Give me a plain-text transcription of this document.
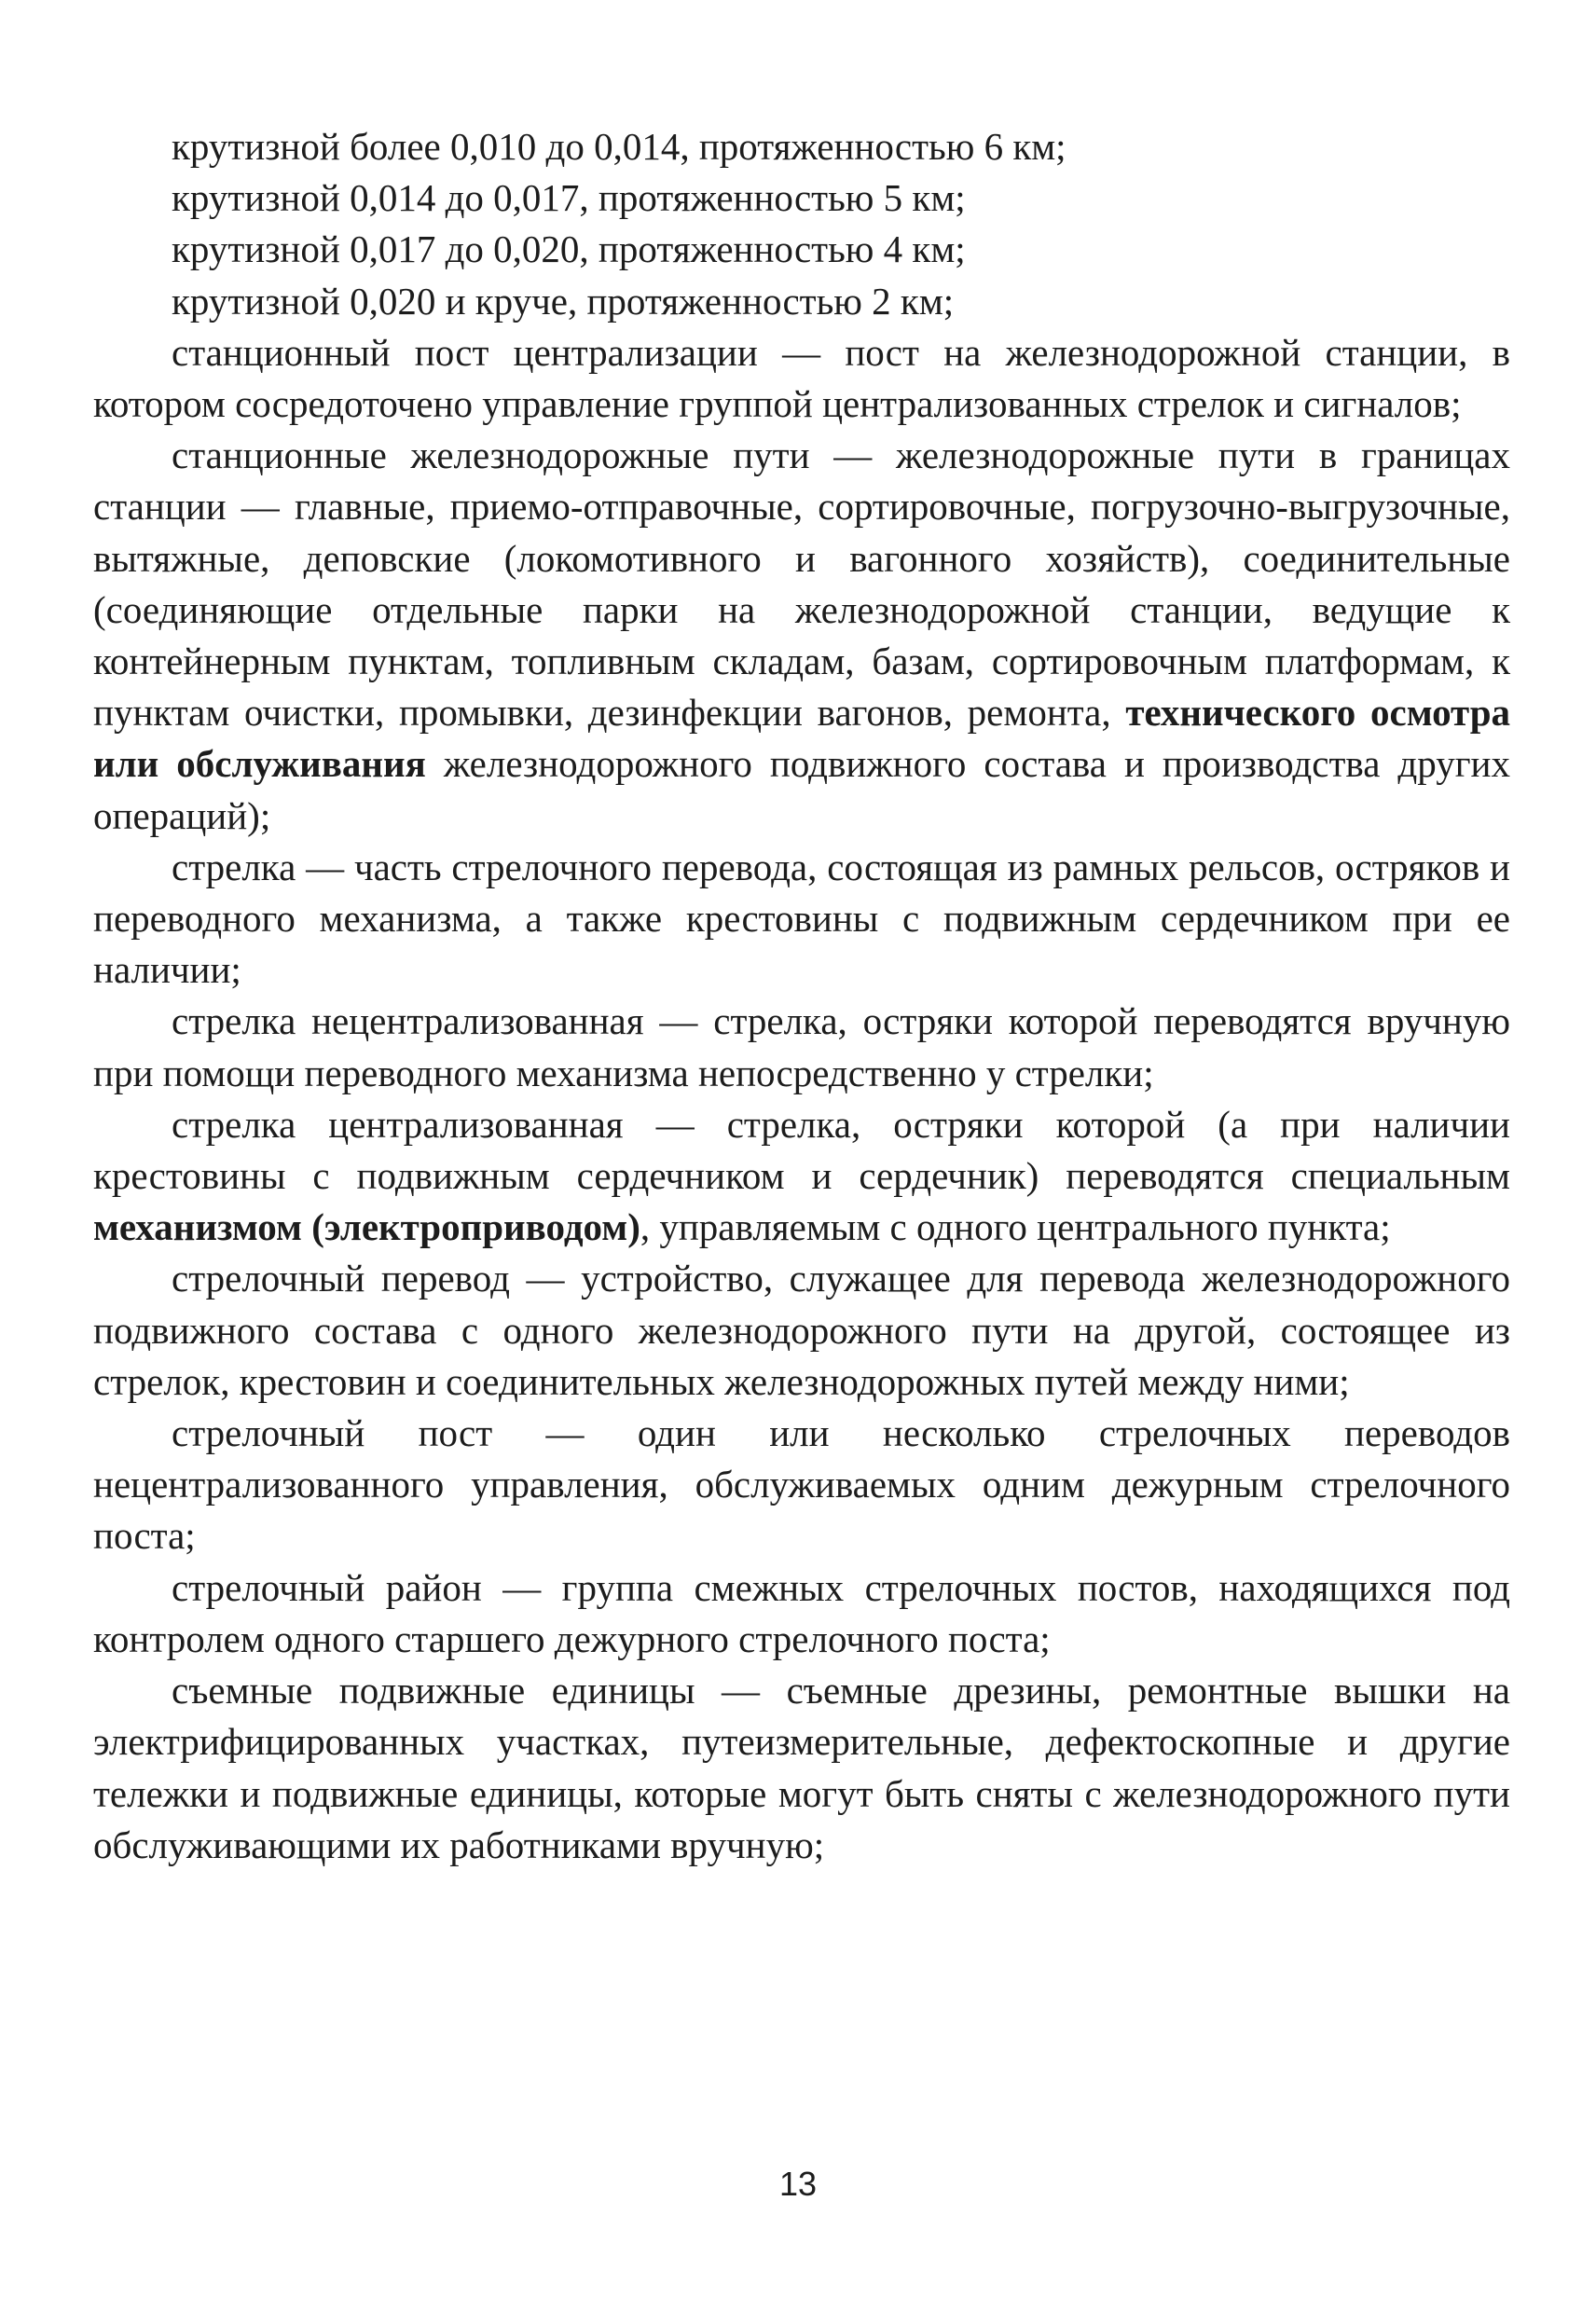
крутизной более 0,010 до 0,014, протяженностью 6 км;

крутизной 0,014 до 0,017, протяженностью 5 км;

крутизной 0,017 до 0,020, протяженностью 4 км;

крутизной 0,020 и круче, протяженностью 2 км;

станционный пост централизации — пост на железнодорожной станции, в котором сосредоточено управление группой централизованных стрелок и сигналов;

станционные железнодорожные пути — железнодорожные пути в границах станции — главные, приемо-отправочные, сортировочные, погрузочно-выгрузочные, вытяжные, деповские (локомотивного и вагонного хозяйств), соединительные (соединяющие отдельные парки на железнодорожной станции, ведущие к контейнерным пунктам, топливным складам, базам, сортировочным платформам, к пунктам очистки, промывки, дезинфекции вагонов, ремонта, технического осмотра или обслуживания железнодорожного подвижного состава и производства других операций);

стрелка — часть стрелочного перевода, состоящая из рамных рельсов, остряков и переводного механизма, а также крестовины с подвижным сердечником при ее наличии;

стрелка нецентрализованная — стрелка, остряки которой переводятся вручную при помощи переводного механизма непосредственно у стрелки;

стрелка централизованная — стрелка, остряки которой (а при наличии крестовины с подвижным сердечником и сердечник) переводятся специальным механизмом (электроприводом), управляемым с одного центрального пункта;

стрелочный перевод — устройство, служащее для перевода железнодорожного подвижного состава с одного железнодорожного пути на другой, состоящее из стрелок, крестовин и соединительных железнодорожных путей между ними;

стрелочный пост — один или несколько стрелочных переводов нецентрализованного управления, обслуживаемых одним дежурным стрелочного поста;

стрелочный район — группа смежных стрелочных постов, находящихся под контролем одного старшего дежурного стрелочного поста;

съемные подвижные единицы — съемные дрезины, ремонтные вышки на электрифицированных участках, путеизмерительные, дефектоскопные и другие тележки и подвижные единицы, которые могут быть сняты с железнодорожного пути обслуживающими их работниками вручную;

13
